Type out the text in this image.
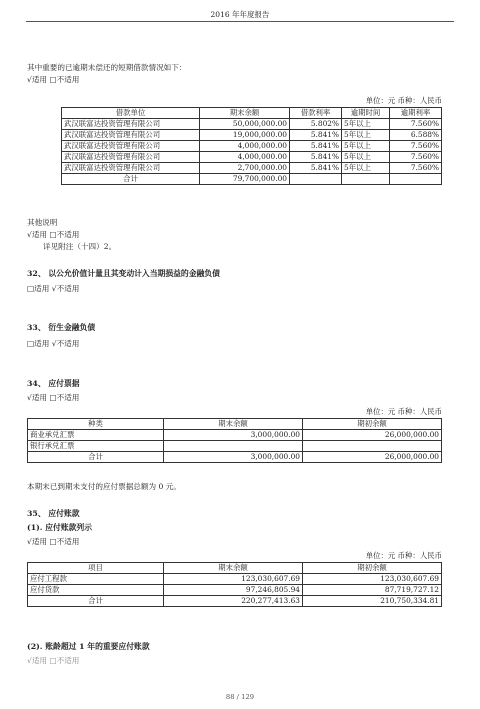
2016 年年度报告
其中重要的已逾期未偿还的短期借款情况如下：
√适用 □不适用
单位：元 币种：人民币
借款单位	期末余额	借款利率	逾期时间	逾期利率
武汉联富达投资管理有限公司	50,000,000.00	5.802%	5年以上	7.560%
武汉联富达投资管理有限公司	19,000,000.00	5.841%	5年以上	6.588%
武汉联富达投资管理有限公司	4,000,000.00	5.841%	5年以上	7.560%
武汉联富达投资管理有限公司	4,000,000.00	5.841%	5年以上	7.560%
武汉联富达投资管理有限公司	2,700,000.00	5.841%	5年以上	7.560%
合计	79,700,000.00			
其他说明
√适用 □不适用
详见附注（十四）2。
32、 以公允价值计量且其变动计入当期损益的金融负债
□适用 √不适用
33、 衍生金融负债
□适用 √不适用
34、 应付票据
√适用 □不适用
单位：元 币种：人民币
种类	期末余额	期初余额
商业承兑汇票	3,000,000.00	26,000,000.00
银行承兑汇票		
合计	3,000,000.00	26,000,000.00
本期末已到期未支付的应付票据总额为 0 元。
35、 应付账款
(1). 应付账款列示
√适用 □不适用
单位：元 币种：人民币
项目	期末余额	期初余额
应付工程款	123,030,607.69	123,030,607.69
应付货款	97,246,805.94	87,719,727.12
合计	220,277,413.63	210,750,334.81
(2). 账龄超过 1 年的重要应付账款
√适用 □不适用
88 / 129
